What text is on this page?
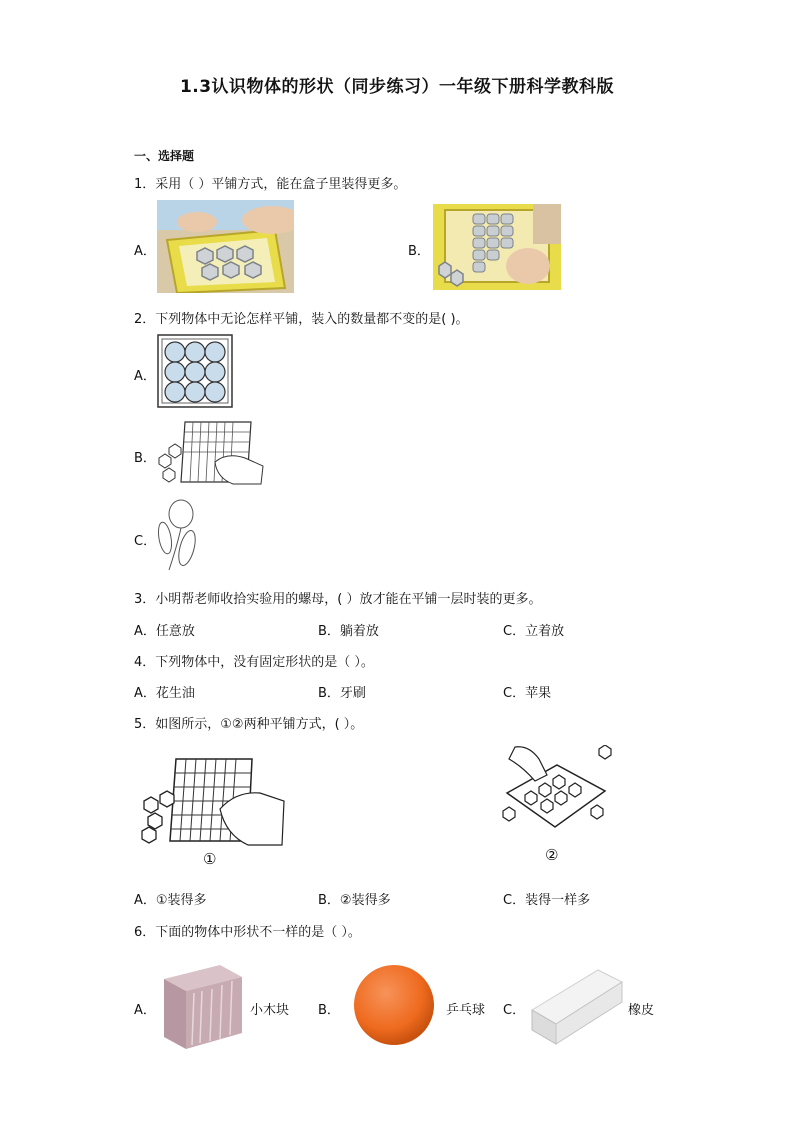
1.3认识物体的形状（同步练习）一年级下册科学教科版
一、选择题
1．采用（ ）平铺方式，能在盒子里装得更多。
A．	B．
2．下列物体中无论怎样平铺，装入的数量都不变的是( )。
A．
B．
C．
3．小明帮老师收拾实验用的螺母，( ）放才能在平铺一层时装的更多。
A．任意放	B．躺着放	C．立着放
4．下列物体中，没有固定形状的是（ ）。
A．花生油	B．牙刷	C．苹果
5．如图所示，①②两种平铺方式，( ）。
①	②
A．①装得多	B．②装得多	C．装得一样多
6．下面的物体中形状不一样的是（ ）。
A．	小木块 B．	乒乓球 C．	橡皮
